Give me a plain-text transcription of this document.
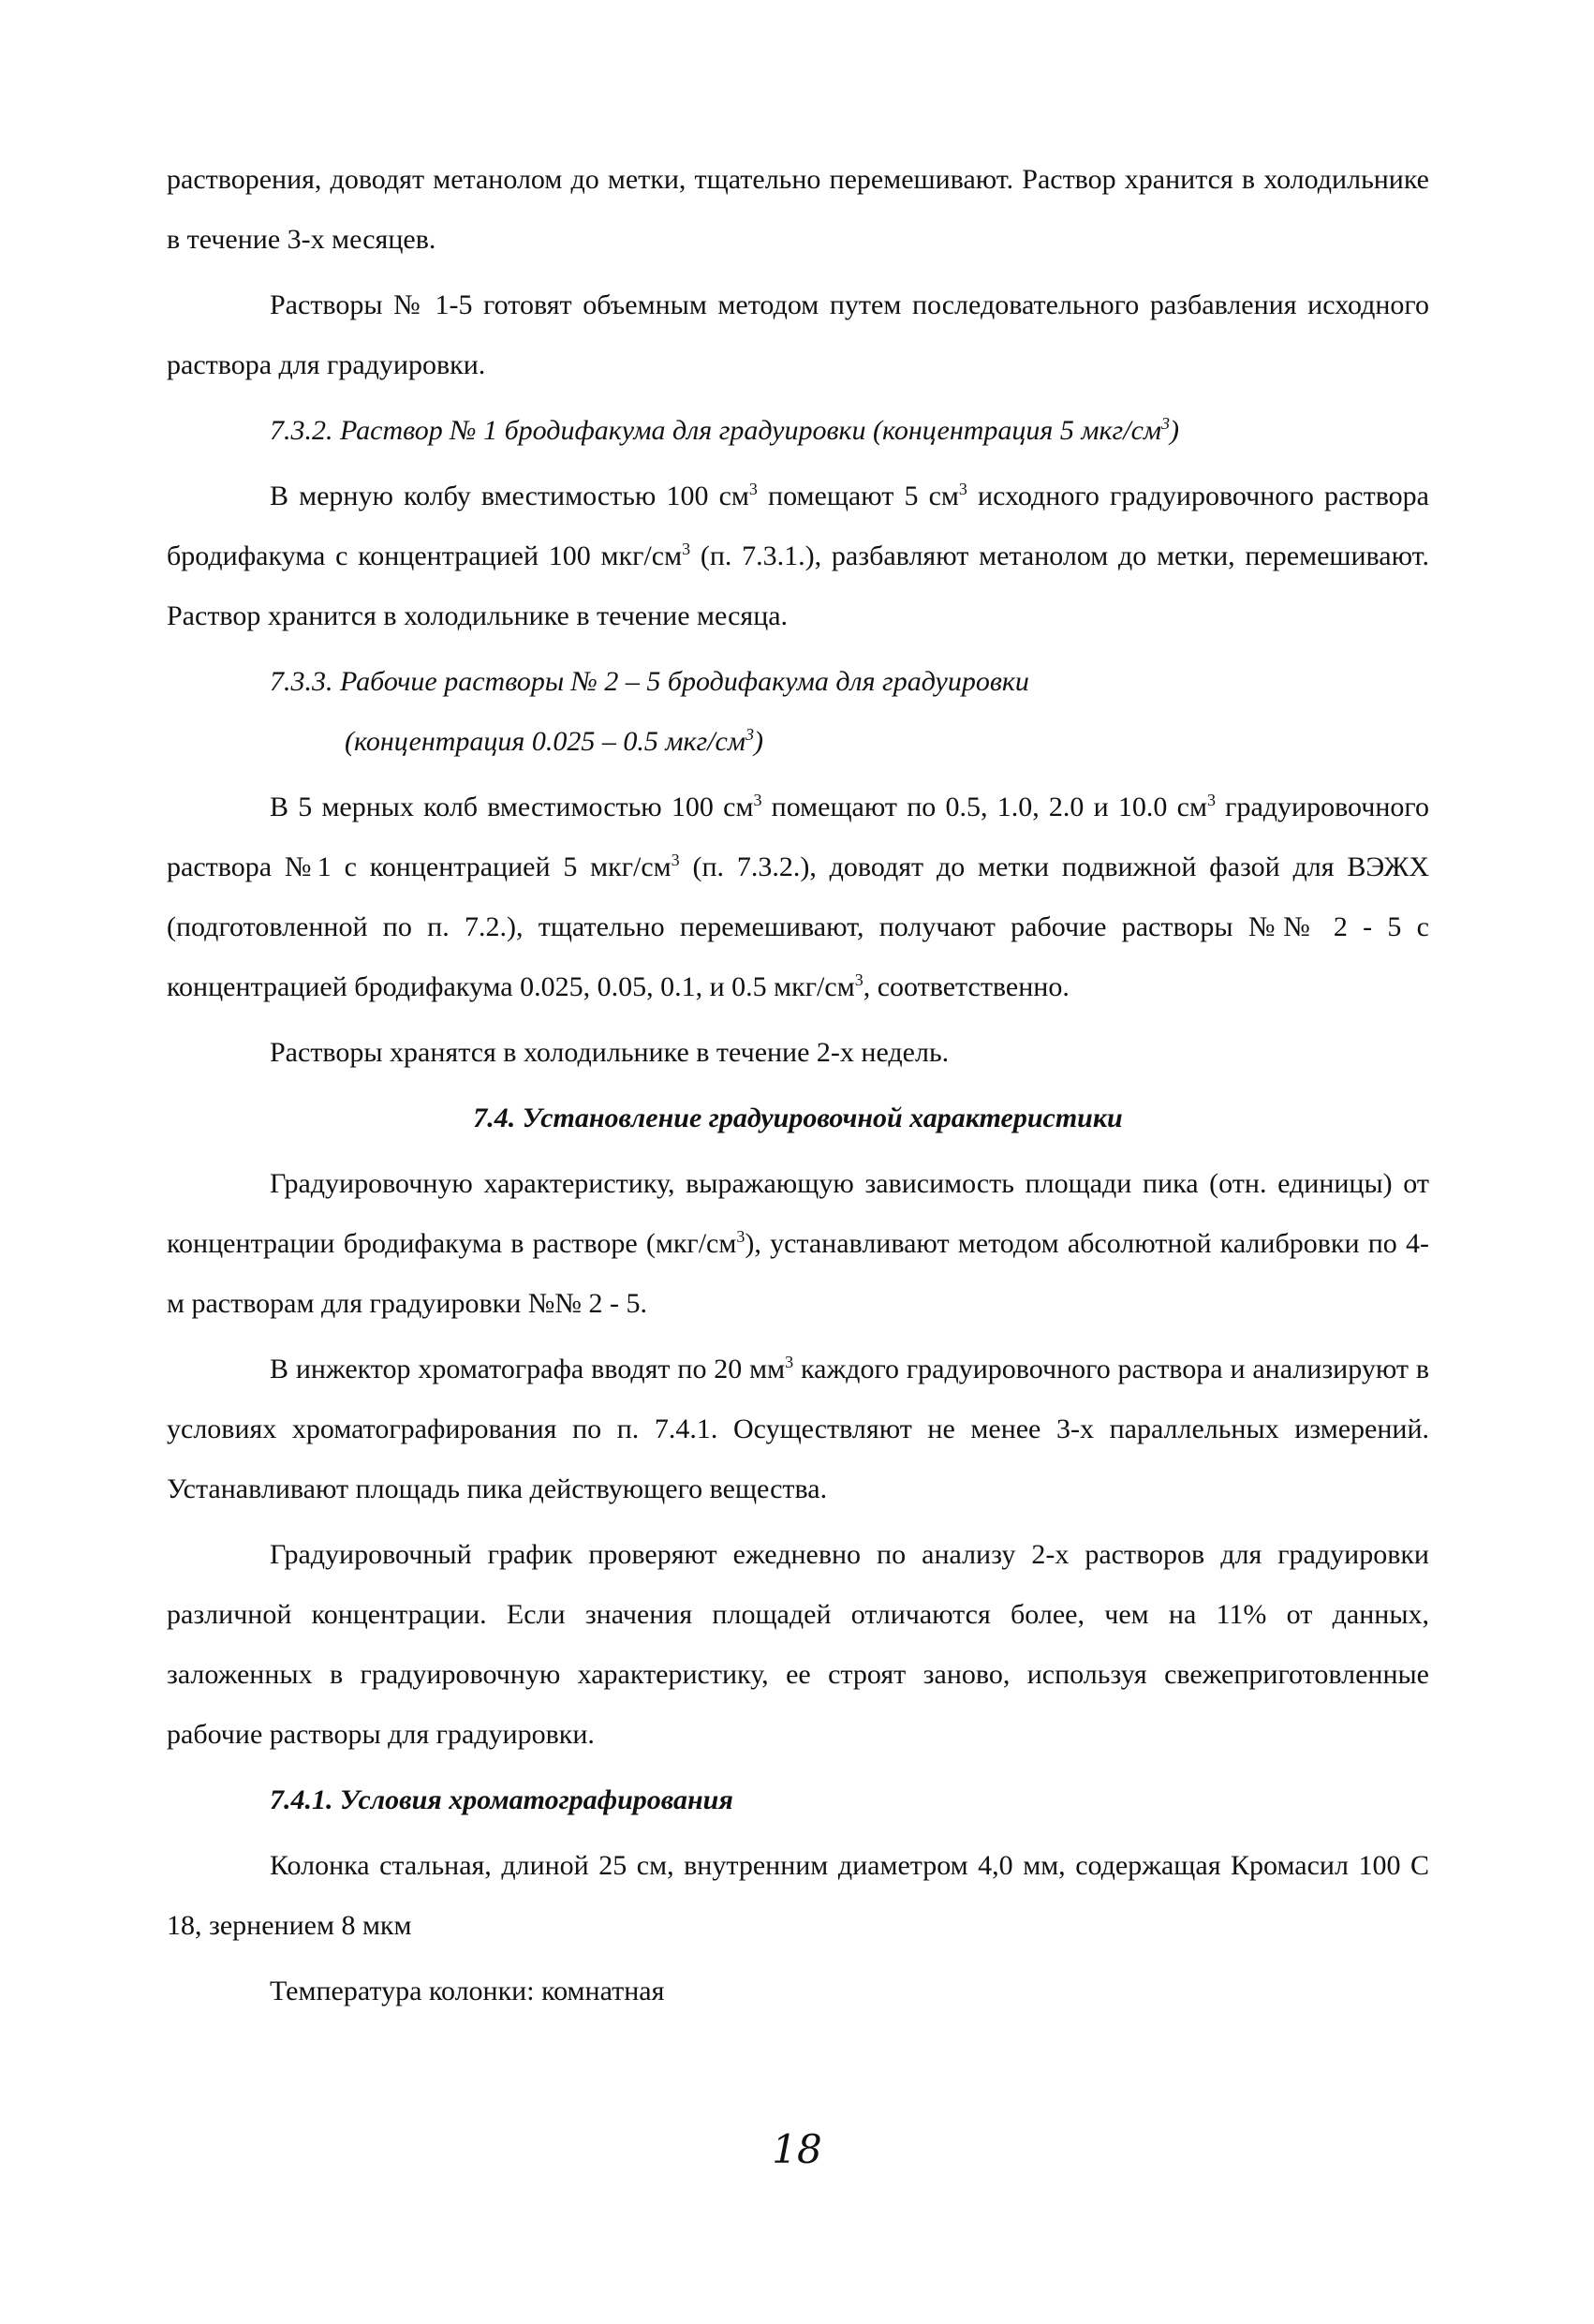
растворения, доводят метанолом до метки, тщательно перемешивают. Раствор хранится в холодильнике в течение 3-х месяцев.

Растворы № 1-5 готовят объемным методом путем последовательного разбавления исходного раствора для градуировки.

7.3.2. Раствор № 1 бродифакума для градуировки (концентрация 5 мкг/$см^3$)

В мерную колбу вместимостью 100 $см^3$ помещают 5 $см^3$ исходного градуировочного раствора бродифакума с концентрацией 100 мкг/$см^3$ (п. 7.3.1.), разбавляют метанолом до метки, перемешивают. Раствор хранится в холодильнике в течение месяца.

7.3.3. Рабочие растворы № 2 – 5 бродифакума для градуировки

(концентрация 0.025 – 0.5 мкг/$см^3$)

В 5 мерных колб вместимостью 100 $см^3$ помещают по 0.5, 1.0, 2.0 и 10.0 $см^3$ градуировочного раствора №1 с концентрацией 5 мкг/$см^3$ (п. 7.3.2.), доводят до метки подвижной фазой для ВЭЖХ (подготовленной по п. 7.2.), тщательно перемешивают, получают рабочие растворы №№ 2 - 5 с концентрацией бродифакума 0.025, 0.05, 0.1, и 0.5 мкг/$см^3$, соответственно.

Растворы хранятся в холодильнике в течение 2-х недель.

7.4. Установление градуировочной характеристики

Градуировочную характеристику, выражающую зависимость площади пика (отн. единицы) от концентрации бродифакума в растворе $(мкг/см^3)$, устанавливают методом абсолютной калибровки по 4-м растворам для градуировки №№ 2 - 5.

В инжектор хроматографа вводят по 20 $мм^3$ каждого градуировочного раствора и анализируют в условиях хроматографирования по п. 7.4.1. Осуществляют не менее 3-х параллельных измерений. Устанавливают площадь пика действующего вещества.

Градуировочный график проверяют ежедневно по анализу 2-х растворов для градуировки различной концентрации. Если значения площадей отличаются более, чем на 11% от данных, заложенных в градуировочную характеристику, ее строят заново, используя свежеприготовленные рабочие растворы для градуировки.

7.4.1. Условия хроматографирования

Колонка стальная, длиной 25 см, внутренним диаметром 4,0 мм, содержащая Кромасил 100 С 18, зернением 8 мкм

Температура колонки: комнатная

18
